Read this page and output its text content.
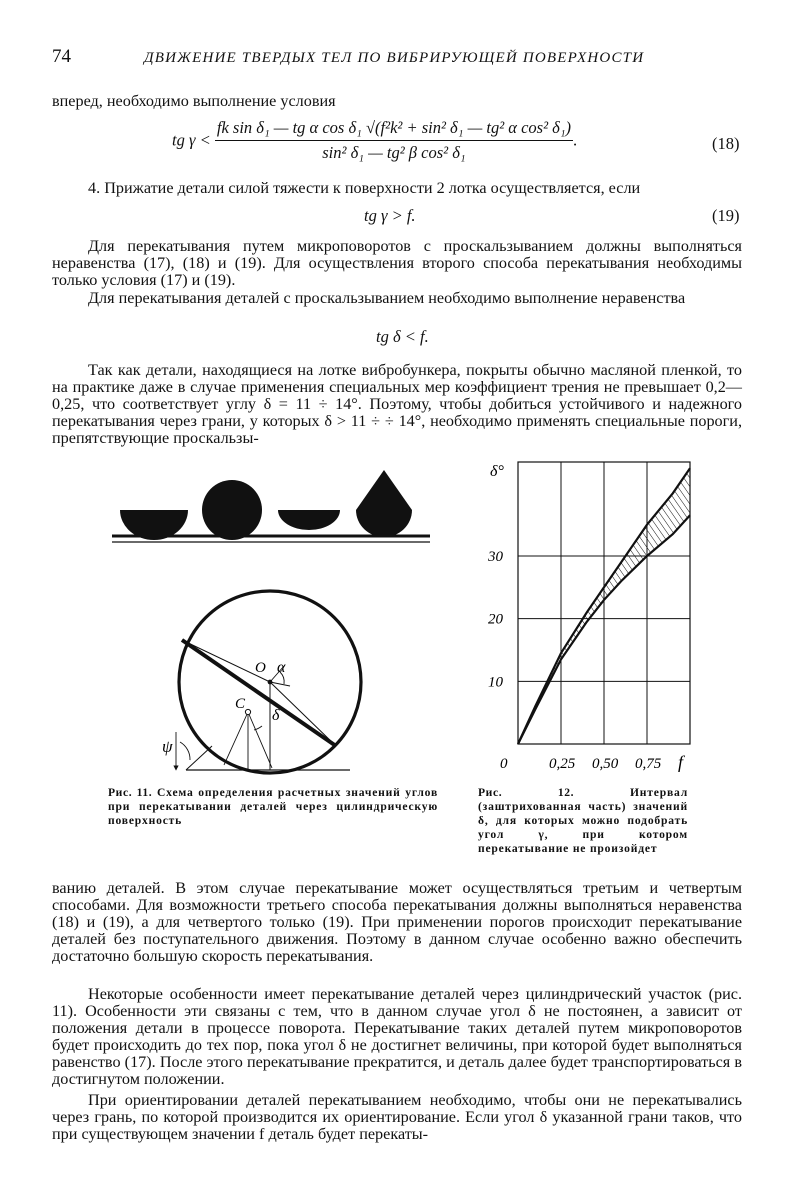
74	ДВИЖЕНИЕ ТВЕРДЫХ ТЕЛ ПО ВИБРИРУЮЩЕЙ ПОВЕРХНОСТИ

вперед, необходимо выполнение условия

tg $\gamma < \frac{\text{fk sin δ₁ — tg α cos δ₁ √(f²k² + sin² δ₁ — tg² α cos² δ₁)}}{\text{sin² δ₁ — tg² β cos² δ₁}}$ .	(18)

4. Прижатие детали силой тяжести к поверхности 2 лотка осуществляется, если

tg γ > f.	(19)

Для перекатывания путем микроповоротов с проскальзыванием должны выполняться неравенства (17), (18) и (19). Для осуществления второго способа перекатывания необходимы только условия (17) и (19).

Для перекатывания деталей с проскальзыванием необходимо выполнение неравенства

tg δ < f.

Так как детали, находящиеся на лотке вибробункера, покрыты обычно масляной пленкой, то на практике даже в случае применения специальных мер коэффициент трения не превышает 0,2—0,25, что соответствует углу δ = 11 ÷ 14°. Поэтому, чтобы добиться устойчивого и надежного перекатывания через грани, у которых δ > 11 ÷ ÷ 14°, необходимо применять специальные пороги, препятствующие проскальзы-

O α
C
δ
ψ

Рис. 11. Схема определения расчетных значений углов при перекатывании деталей через цилиндрическую поверхность

0,25 0,50 0,75
10
20
30
δ°
f
0

Рис. 12.	Интервал (заштрихованная часть) значений δ, для которых можно подобрать угол γ, при котором перекатывание не произойдет

ванию деталей. В этом случае перекатывание может осуществляться третьим и четвертым способами. Для возможности третьего способа перекатывания должны выполняться неравенства (18) и (19), а для четвертого только (19). При применении порогов происходит перекатывание деталей без поступательного движения. Поэтому в данном случае особенно важно обеспечить достаточно большую скорость перекатывания.

Некоторые особенности имеет перекатывание деталей через цилиндрический участок (рис. 11). Особенности эти связаны с тем, что в данном случае угол δ не постоянен, а зависит от положения детали в процессе поворота. Перекатывание таких деталей путем микроповоротов будет происходить до тех пор, пока угол δ не достигнет величины, при которой будет выполняться равенство (17). После этого перекатывание прекратится, и деталь далее будет транспортироваться в достигнутом положении.

При ориентировании деталей перекатыванием необходимо, чтобы они не перекатывались через грань, по которой производится их ориентирование. Если угол δ указанной грани таков, что при существующем значении f деталь будет перекаты-
